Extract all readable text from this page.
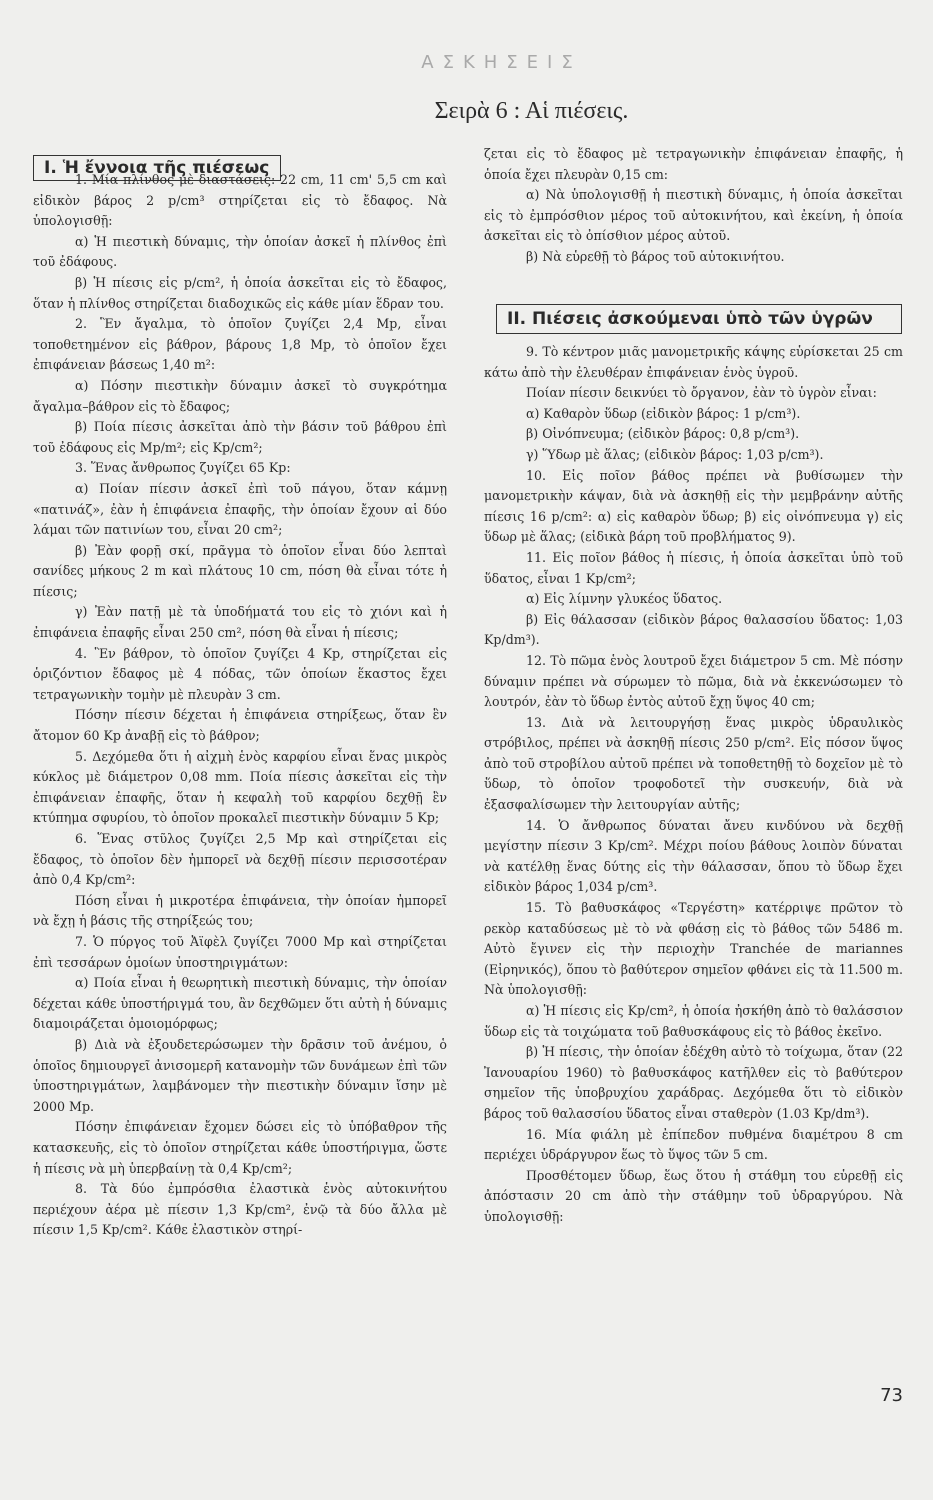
ΑΣΚΗΣΕΙΣ
Σειρὰ 6 : Αἱ πιέσεις.
I. Ἡ ἔννοια τῆς πιέσεως

1. Μία πλίνθος μὲ διαστάσεις: 22 cm, 11 cm' 5,5 cm καὶ εἰδικὸν βάρος 2 p/cm³ στηρίζεται εἰς τὸ ἔδαφος. Νὰ ὑπολογισθῇ:

α) Ἡ πιεστικὴ δύναμις, τὴν ὁποίαν ἀσκεῖ ἡ πλίνθος ἐπὶ τοῦ ἐδάφους.

β) Ἡ πίεσις εἰς p/cm², ἡ ὁποία ἀσκεῖται εἰς τὸ ἔδαφος, ὅταν ἡ πλίνθος στηρίζεται διαδοχικῶς εἰς κάθε μίαν ἕδραν του.

2. Ἓν ἄγαλμα, τὸ ὁποῖον ζυγίζει 2,4 Mp, εἶναι τοποθετημένον εἰς βάθρον, βάρους 1,8 Mp, τὸ ὁποῖον ἔχει ἐπιφάνειαν βάσεως 1,40 m²:

α) Πόσην πιεστικὴν δύναμιν ἀσκεῖ τὸ συγκρότημα ἄγαλμα–βάθρον εἰς τὸ ἔδαφος;

β) Ποία πίεσις ἀσκεῖται ἀπὸ τὴν βάσιν τοῦ βάθρου ἐπὶ τοῦ ἐδάφους εἰς Mp/m²; εἰς Kp/cm²;

3. Ἕνας ἄνθρωπος ζυγίζει 65 Kp:

α) Ποίαν πίεσιν ἀσκεῖ ἐπὶ τοῦ πάγου, ὅταν κάμνῃ «πατινάζ», ἐὰν ἡ ἐπιφάνεια ἐπαφῆς, τὴν ὁποίαν ἔχουν αἱ δύο λάμαι τῶν πατινίων του, εἶναι 20 cm²;

β) Ἐὰν φορῇ σκί, πρᾶγμα τὸ ὁποῖον εἶναι δύο λεπταὶ σανίδες μήκους 2 m καὶ πλάτους 10 cm, πόση θὰ εἶναι τότε ἡ πίεσις;

γ) Ἐὰν πατῇ μὲ τὰ ὑποδήματά του εἰς τὸ χιόνι καὶ ἡ ἐπιφάνεια ἐπαφῆς εἶναι 250 cm², πόση θὰ εἶναι ἡ πίεσις;

4. Ἓν βάθρον, τὸ ὁποῖον ζυγίζει 4 Kp, στηρίζεται εἰς ὁριζόντιον ἔδαφος μὲ 4 πόδας, τῶν ὁποίων ἕκαστος ἔχει τετραγωνικὴν τομὴν μὲ πλευρὰν 3 cm.

Πόσην πίεσιν δέχεται ἡ ἐπιφάνεια στηρίξεως, ὅταν ἓν ἄτομον 60 Kp ἀναβῇ εἰς τὸ βάθρον;

5. Δεχόμεθα ὅτι ἡ αἰχμὴ ἑνὸς καρφίου εἶναι ἕνας μικρὸς κύκλος μὲ διάμετρον 0,08 mm. Ποία πίεσις ἀσκεῖται εἰς τὴν ἐπιφάνειαν ἐπαφῆς, ὅταν ἡ κεφαλὴ τοῦ καρφίου δεχθῇ ἓν κτύπημα σφυρίου, τὸ ὁποῖον προκαλεῖ πιεστικὴν δύναμιν 5 Kp;

6. Ἕνας στῦλος ζυγίζει 2,5 Mp καὶ στηρίζεται εἰς ἔδαφος, τὸ ὁποῖον δὲν ἠμπορεῖ νὰ δεχθῇ πίεσιν περισσοτέραν ἀπὸ 0,4 Kp/cm²:

Πόση εἶναι ἡ μικροτέρα ἐπιφάνεια, τὴν ὁποίαν ἠμπορεῖ νὰ ἔχῃ ἡ βάσις τῆς στηρίξεώς του;

7. Ὁ πύργος τοῦ Ἀϊφὲλ ζυγίζει 7000 Mp καὶ στηρίζεται ἐπὶ τεσσάρων ὁμοίων ὑποστηριγμάτων:

α) Ποία εἶναι ἡ θεωρητικὴ πιεστικὴ δύναμις, τὴν ὁποίαν δέχεται κάθε ὑποστήριγμά του, ἂν δεχθῶμεν ὅτι αὐτὴ ἡ δύναμις διαμοιράζεται ὁμοιομόρφως;

β) Διὰ νὰ ἐξουδετερώσωμεν τὴν δρᾶσιν τοῦ ἀνέμου, ὁ ὁποῖος δημιουργεῖ ἀνισομερῆ κατανομὴν τῶν δυνάμεων ἐπὶ τῶν ὑποστηριγμάτων, λαμβάνομεν τὴν πιεστικὴν δύναμιν ἴσην μὲ 2000 Mp.

Πόσην ἐπιφάνειαν ἔχομεν δώσει εἰς τὸ ὑπόβαθρον τῆς κατασκευῆς, εἰς τὸ ὁποῖον στηρίζεται κάθε ὑποστήριγμα, ὥστε ἡ πίεσις νὰ μὴ ὑπερβαίνῃ τὰ 0,4 Kp/cm²;

8. Τὰ δύο ἐμπρόσθια ἐλαστικὰ ἑνὸς αὐτοκινήτου περιέχουν ἀέρα μὲ πίεσιν 1,3 Kp/cm², ἐνῷ τὰ δύο ἄλλα μὲ πίεσιν 1,5 Kp/cm². Κάθε ἐλαστικὸν στηρί-

ζεται εἰς τὸ ἔδαφος μὲ τετραγωνικὴν ἐπιφάνειαν ἐπαφῆς, ἡ ὁποία ἔχει πλευρὰν 0,15 cm:

α) Νὰ ὑπολογισθῇ ἡ πιεστικὴ δύναμις, ἡ ὁποία ἀσκεῖται εἰς τὸ ἐμπρόσθιον μέρος τοῦ αὐτοκινήτου, καὶ ἐκείνη, ἡ ὁποία ἀσκεῖται εἰς τὸ ὀπίσθιον μέρος αὐτοῦ.

β) Νὰ εὑρεθῇ τὸ βάρος τοῦ αὐτοκινήτου.

II. Πιέσεις ἀσκούμεναι ὑπὸ τῶν ὑγρῶν

9. Τὸ κέντρον μιᾶς μανομετρικῆς κάψης εὑρίσκεται 25 cm κάτω ἀπὸ τὴν ἐλευθέραν ἐπιφάνειαν ἑνὸς ὑγροῦ.

Ποίαν πίεσιν δεικνύει τὸ ὄργανον, ἐὰν τὸ ὑγρὸν εἶναι:

α) Καθαρὸν ὕδωρ (εἰδικὸν βάρος: 1 p/cm³).

β) Οἰνόπνευμα; (εἰδικὸν βάρος: 0,8 p/cm³).

γ) Ὕδωρ μὲ ἅλας; (εἰδικὸν βάρος: 1,03 p/cm³).

10. Εἰς ποῖον βάθος πρέπει νὰ βυθίσωμεν τὴν μανομετρικὴν κάψαν, διὰ νὰ ἀσκηθῇ εἰς τὴν μεμβράνην αὐτῆς πίεσις 16 p/cm²: α) εἰς καθαρὸν ὕδωρ; β) εἰς οἰνόπνευμα γ) εἰς ὕδωρ μὲ ἅλας; (εἰδικὰ βάρη τοῦ προβλήματος 9).

11. Εἰς ποῖον βάθος ἡ πίεσις, ἡ ὁποία ἀσκεῖται ὑπὸ τοῦ ὕδατος, εἶναι 1 Kp/cm²;

α) Εἰς λίμνην γλυκέος ὕδατος.

β) Εἰς θάλασσαν (εἰδικὸν βάρος θαλασσίου ὕδατος: 1,03 Kp/dm³).

12. Τὸ πῶμα ἑνὸς λουτροῦ ἔχει διάμετρον 5 cm. Μὲ πόσην δύναμιν πρέπει νὰ σύρωμεν τὸ πῶμα, διὰ νὰ ἐκκενώσωμεν τὸ λουτρόν, ἐὰν τὸ ὕδωρ ἐντὸς αὐτοῦ ἔχῃ ὕψος 40 cm;

13. Διὰ νὰ λειτουργήσῃ ἕνας μικρὸς ὑδραυλικὸς στρόβιλος, πρέπει νὰ ἀσκηθῇ πίεσις 250 p/cm². Εἰς πόσον ὕψος ἀπὸ τοῦ στροβίλου αὐτοῦ πρέπει νὰ τοποθετηθῇ τὸ δοχεῖον μὲ τὸ ὕδωρ, τὸ ὁποῖον τροφοδοτεῖ τὴν συσκευήν, διὰ νὰ ἐξασφαλίσωμεν τὴν λειτουργίαν αὐτῆς;

14. Ὁ ἄνθρωπος δύναται ἄνευ κινδύνου νὰ δεχθῇ μεγίστην πίεσιν 3 Kp/cm². Μέχρι ποίου βάθους λοιπὸν δύναται νὰ κατέλθῃ ἕνας δύτης εἰς τὴν θάλασσαν, ὅπου τὸ ὕδωρ ἔχει εἰδικὸν βάρος 1,034 p/cm³.

15. Τὸ βαθυσκάφος «Τεργέστη» κατέρριψε πρῶτον τὸ ρεκὸρ καταδύσεως μὲ τὸ νὰ φθάσῃ εἰς τὸ βάθος τῶν 5486 m. Αὐτὸ ἔγινεν εἰς τὴν περιοχὴν Tranchée de mariannes (Εἰρηνικός), ὅπου τὸ βαθύτερον σημεῖον φθάνει εἰς τὰ 11.500 m. Νὰ ὑπολογισθῇ:

α) Ἡ πίεσις εἰς Kp/cm², ἡ ὁποία ἠσκήθη ἀπὸ τὸ θαλάσσιον ὕδωρ εἰς τὰ τοιχώματα τοῦ βαθυσκάφους εἰς τὸ βάθος ἐκεῖνο.

β) Ἡ πίεσις, τὴν ὁποίαν ἐδέχθη αὐτὸ τὸ τοίχωμα, ὅταν (22 Ἰανουαρίου 1960) τὸ βαθυσκάφος κατῆλθεν εἰς τὸ βαθύτερον σημεῖον τῆς ὑποβρυχίου χαράδρας. Δεχόμεθα ὅτι τὸ εἰδικὸν βάρος τοῦ θαλασσίου ὕδατος εἶναι σταθερὸν (1.03 Kp/dm³).

16. Μία φιάλη μὲ ἐπίπεδον πυθμένα διαμέτρου 8 cm περιέχει ὑδράργυρον ἕως τὸ ὕψος τῶν 5 cm.

Προσθέτομεν ὕδωρ, ἕως ὅτου ἡ στάθμη του εὑρεθῇ εἰς ἀπόστασιν 20 cm ἀπὸ τὴν στάθμην τοῦ ὑδραργύρου. Νὰ ὑπολογισθῇ:

73
